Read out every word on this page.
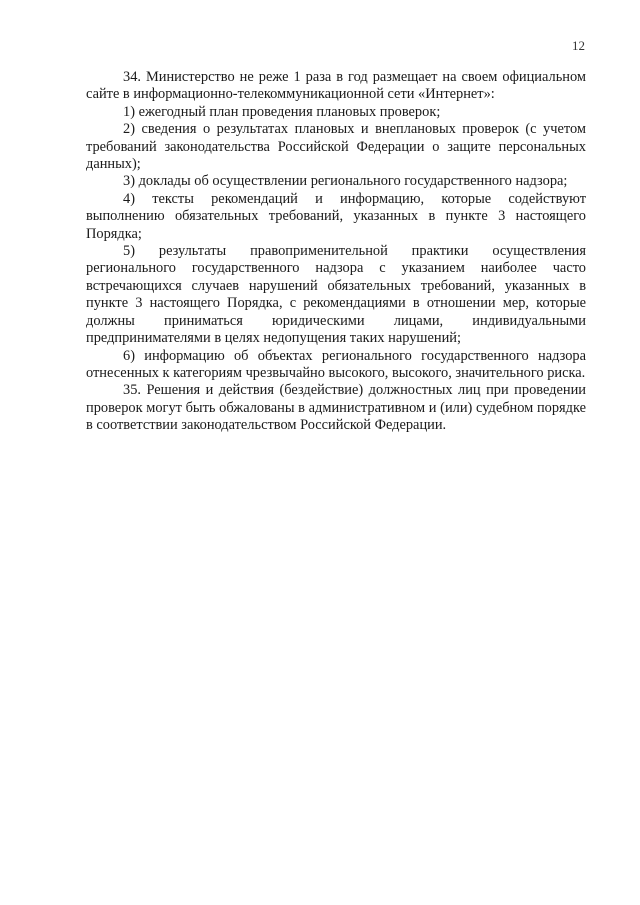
12

34. Министерство не реже 1 раза в год размещает на своем официальном сайте в информационно-телекоммуникационной сети «Интернет»:

1) ежегодный план проведения плановых проверок;

2) сведения о результатах плановых и внеплановых проверок (с учетом требований законодательства Российской Федерации о защите персональных данных);

3) доклады об осуществлении регионального государственного надзора;

4) тексты рекомендаций и информацию, которые содействуют выполнению обязательных требований, указанных в пункте 3 настоящего Порядка;

5) результаты правоприменительной практики осуществления регионального государственного надзора с указанием наиболее часто встречающихся случаев нарушений обязательных требований, указанных в пункте 3 настоящего Порядка, с рекомендациями в отношении мер, которые должны приниматься юридическими лицами, индивидуальными предпринимателями в целях недопущения таких нарушений;

6) информацию об объектах регионального государственного надзора отнесенных к категориям чрезвычайно высокого, высокого, значительного риска.

35. Решения и действия (бездействие) должностных лиц при проведении проверок могут быть обжалованы в административном и (или) судебном порядке в соответствии законодательством Российской Федерации.
